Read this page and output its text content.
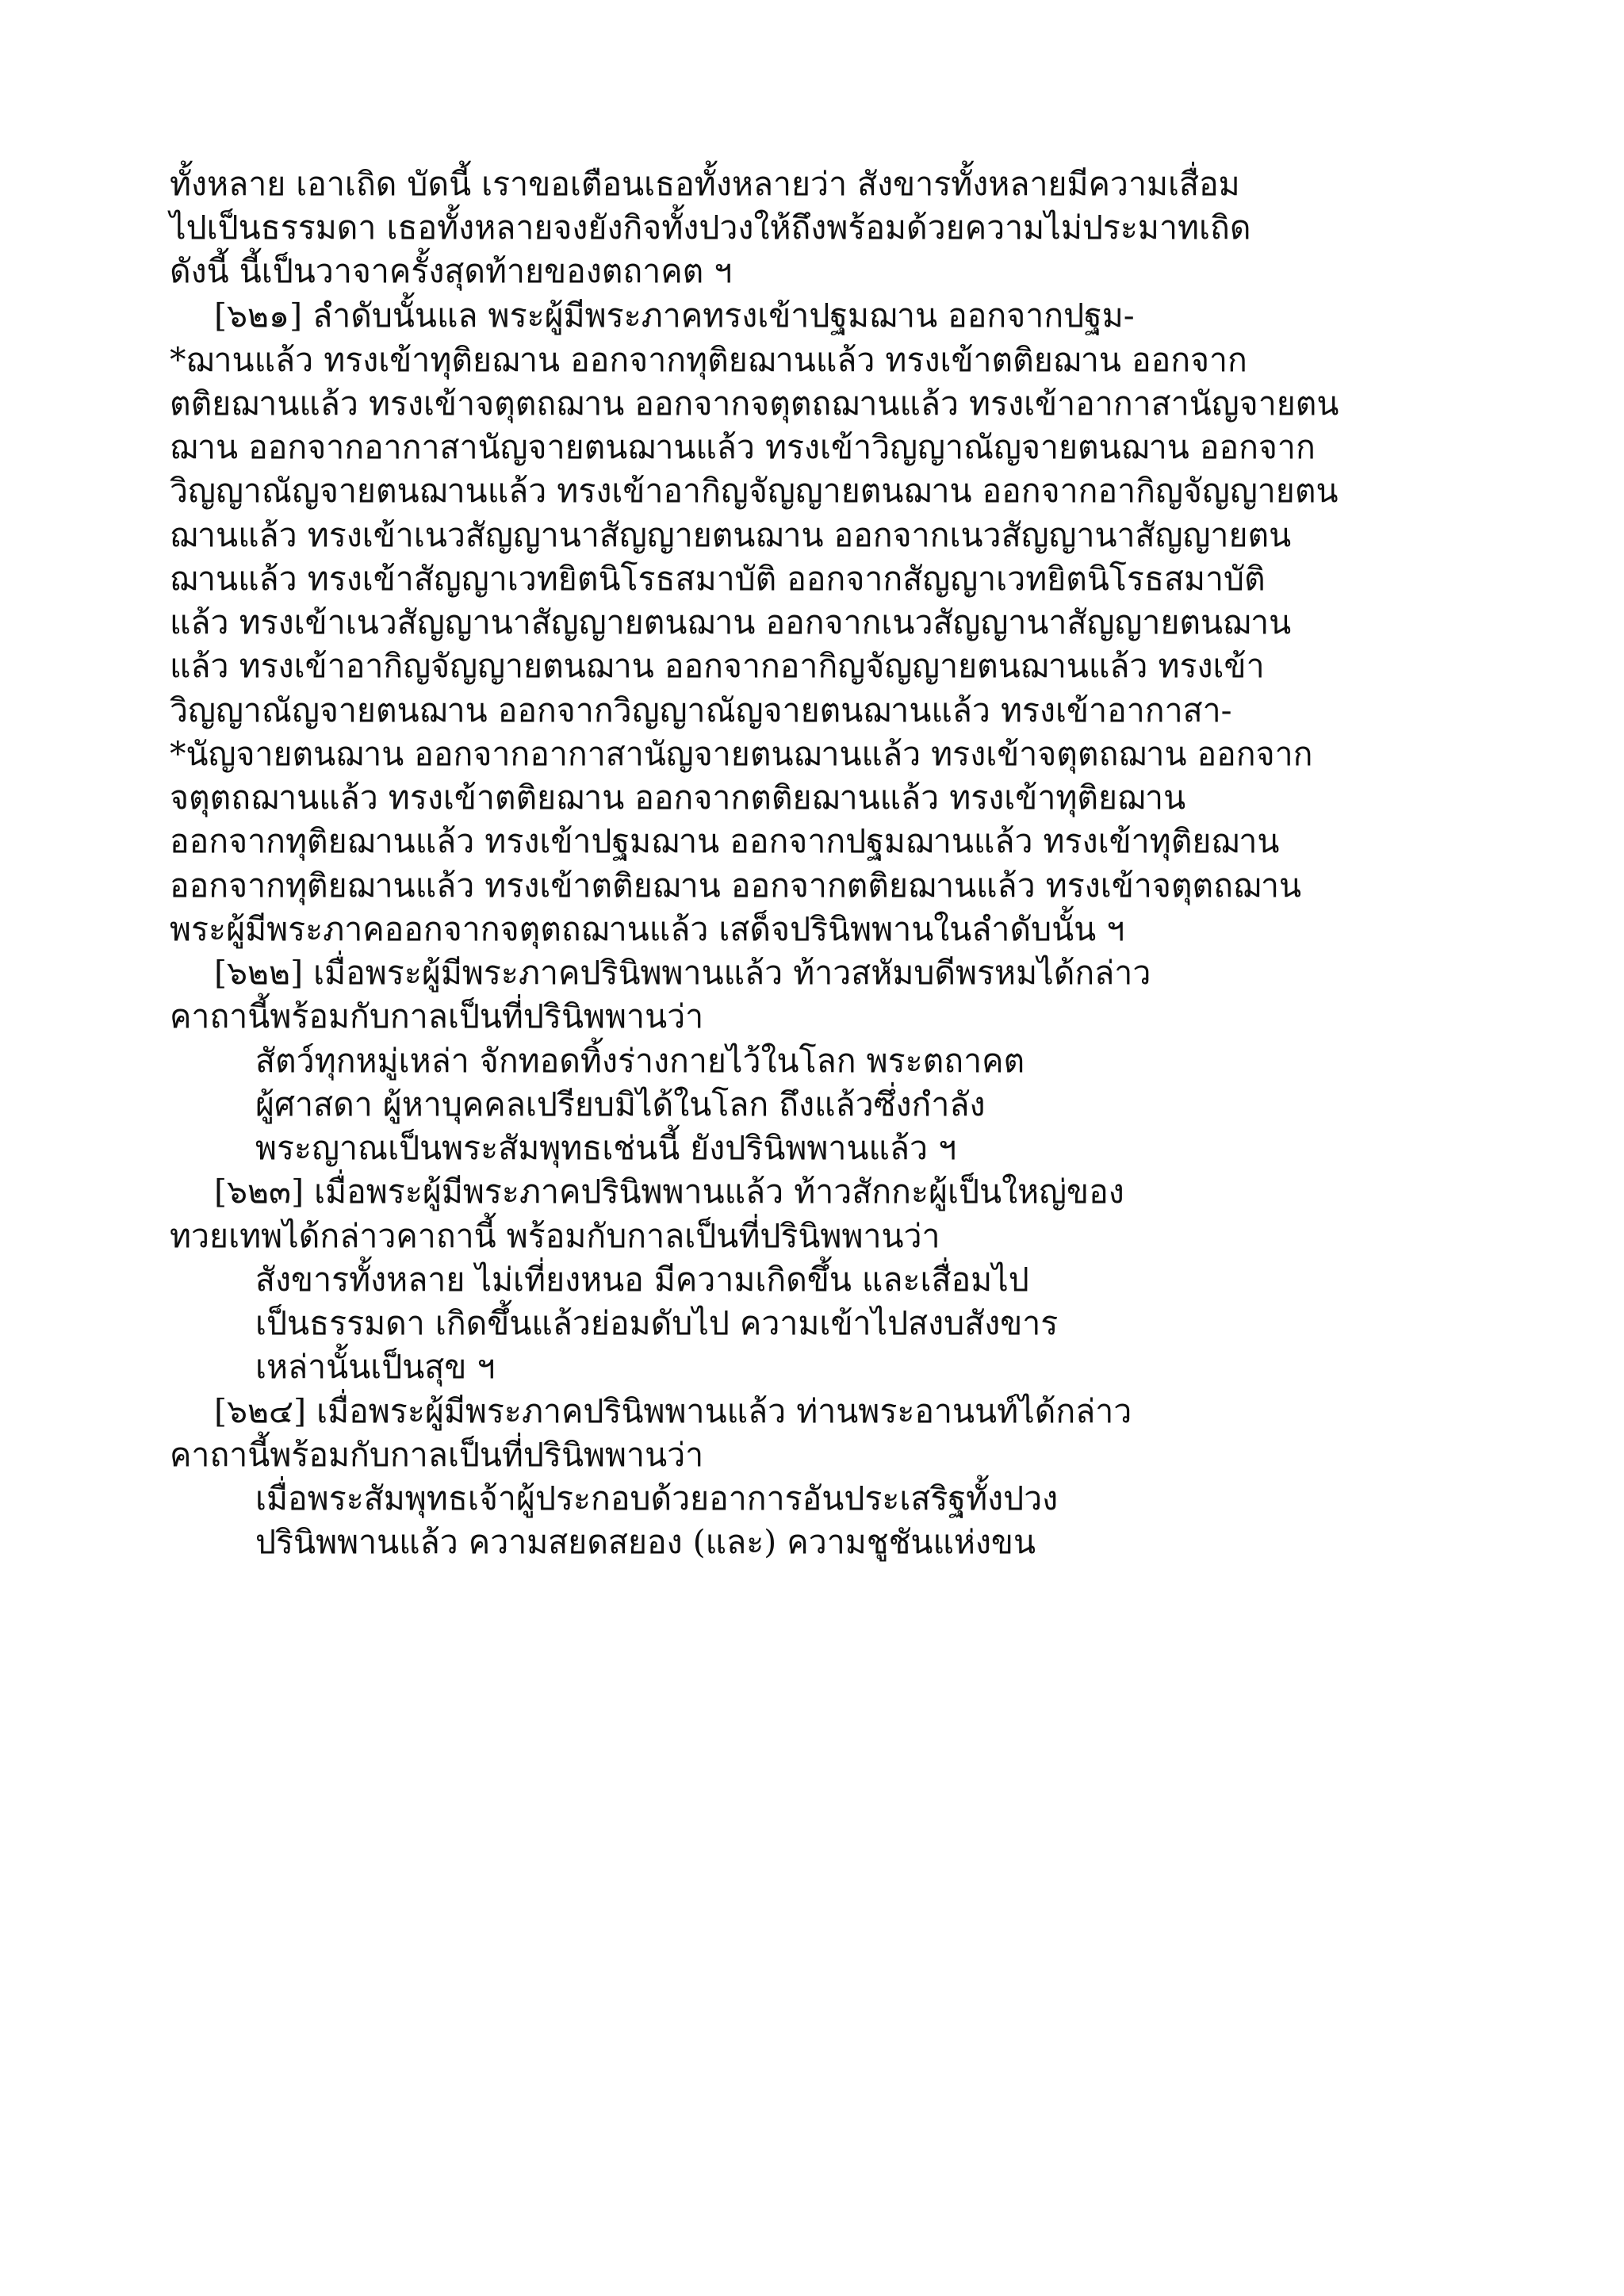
ทั้งหลาย เอาเถิด บัดนี้ เราขอเตือนเธอทั้งหลายว่า สังขารทั้งหลายมีความเสื่อม
ไปเป็นธรรมดา เธอทั้งหลายจงยังกิจทั้งปวงให้ถึงพร้อมด้วยความไม่ประมาทเถิด
ดังนี้ นี้เป็นวาจาครั้งสุดท้ายของตถาคต ฯ
[๖๒๑] ลำดับนั้นแล พระผู้มีพระภาคทรงเข้าปฐมฌาน ออกจากปฐม-
*ฌานแล้ว ทรงเข้าทุติยฌาน ออกจากทุติยฌานแล้ว ทรงเข้าตติยฌาน ออกจาก
ตติยฌานแล้ว ทรงเข้าจตุตถฌาน ออกจากจตุตถฌานแล้ว ทรงเข้าอากาสานัญจายตน
ฌาน ออกจากอากาสานัญจายตนฌานแล้ว ทรงเข้าวิญญาณัญจายตนฌาน ออกจาก
วิญญาณัญจายตนฌานแล้ว ทรงเข้าอากิญจัญญายตนฌาน ออกจากอากิญจัญญายตน
ฌานแล้ว ทรงเข้าเนวสัญญานาสัญญายตนฌาน ออกจากเนวสัญญานาสัญญายตน
ฌานแล้ว ทรงเข้าสัญญาเวทยิตนิโรธสมาบัติ ออกจากสัญญาเวทยิตนิโรธสมาบัติ
แล้ว ทรงเข้าเนวสัญญานาสัญญายตนฌาน ออกจากเนวสัญญานาสัญญายตนฌาน
แล้ว ทรงเข้าอากิญจัญญายตนฌาน ออกจากอากิญจัญญายตนฌานแล้ว ทรงเข้า
วิญญาณัญจายตนฌาน ออกจากวิญญาณัญจายตนฌานแล้ว ทรงเข้าอากาสา-
*นัญจายตนฌาน ออกจากอากาสานัญจายตนฌานแล้ว ทรงเข้าจตุตถฌาน ออกจาก
จตุตถฌานแล้ว ทรงเข้าตติยฌาน ออกจากตติยฌานแล้ว ทรงเข้าทุติยฌาน
ออกจากทุติยฌานแล้ว ทรงเข้าปฐมฌาน ออกจากปฐมฌานแล้ว ทรงเข้าทุติยฌาน
ออกจากทุติยฌานแล้ว ทรงเข้าตติยฌาน ออกจากตติยฌานแล้ว ทรงเข้าจตุตถฌาน
พระผู้มีพระภาคออกจากจตุตถฌานแล้ว เสด็จปรินิพพานในลำดับนั้น ฯ
[๖๒๒] เมื่อพระผู้มีพระภาคปรินิพพานแล้ว ท้าวสหัมบดีพรหมได้กล่าว
คาถานี้พร้อมกับกาลเป็นที่ปรินิพพานว่า
สัตว์ทุกหมู่เหล่า จักทอดทิ้งร่างกายไว้ในโลก พระตถาคต
ผู้ศาสดา ผู้หาบุคคลเปรียบมิได้ในโลก ถึงแล้วซึ่งกำลัง
พระญาณเป็นพระสัมพุทธเช่นนี้ ยังปรินิพพานแล้ว ฯ
[๖๒๓] เมื่อพระผู้มีพระภาคปรินิพพานแล้ว ท้าวสักกะผู้เป็นใหญ่ของ
ทวยเทพได้กล่าวคาถานี้ พร้อมกับกาลเป็นที่ปรินิพพานว่า
สังขารทั้งหลาย ไม่เที่ยงหนอ มีความเกิดขึ้น และเสื่อมไป
เป็นธรรมดา เกิดขึ้นแล้วย่อมดับไป ความเข้าไปสงบสังขาร
เหล่านั้นเป็นสุข ฯ
[๖๒๔] เมื่อพระผู้มีพระภาคปรินิพพานแล้ว ท่านพระอานนท์ได้กล่าว
คาถานี้พร้อมกับกาลเป็นที่ปรินิพพานว่า
เมื่อพระสัมพุทธเจ้าผู้ประกอบด้วยอาการอันประเสริฐทั้งปวง
ปรินิพพานแล้ว ความสยดสยอง (และ) ความชูชันแห่งขน
